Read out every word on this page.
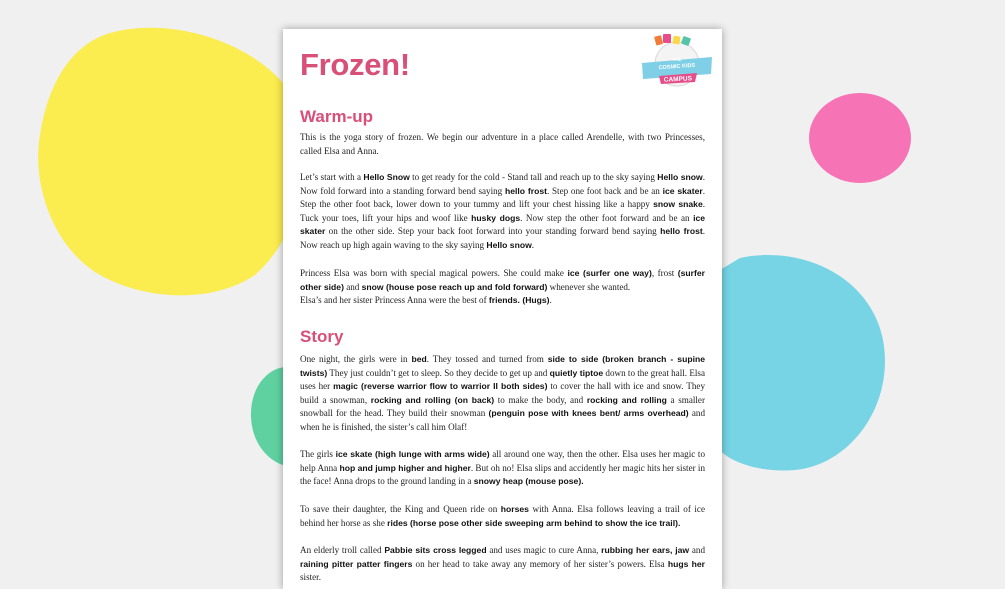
Frozen!	THE
COSMIC KIDS
CAMPUS
Warm-up

This is the yoga story of frozen. We begin our adventure in a place called Arendelle, with two Princesses, called Elsa and Anna.

Let’s start with a Hello Snow to get ready for the cold - Stand tall and reach up to the sky saying Hello snow. Now fold forward into a standing forward bend saying hello frost. Step one foot back and be an ice skater. Step the other foot back, lower down to your tummy and lift your chest hissing like a happy snow snake. Tuck your toes, lift your hips and woof like husky dogs. Now step the other foot forward and be an ice skater on the other side. Step your back foot forward into your standing forward bend saying hello frost. Now reach up high again waving to the sky saying Hello snow.

Princess Elsa was born with special magical powers. She could make ice (surfer one way), frost (surfer other side) and snow (house pose reach up and fold forward) whenever she wanted.
Elsa’s and her sister Princess Anna were the best of friends. (Hugs).

Story

One night, the girls were in bed. They tossed and turned from side to side (broken branch - supine twists) They just couldn’t get to sleep. So they decide to get up and quietly tiptoe down to the great hall. Elsa uses her magic (reverse warrior flow to warrior II both sides) to cover the hall with ice and snow. They build a snowman, rocking and rolling (on back) to make the body, and rocking and rolling a smaller snowball for the head. They build their snowman (penguin pose with knees bent/ arms overhead) and when he is finished, the sister’s call him Olaf!

The girls ice skate (high lunge with arms wide) all around one way, then the other. Elsa uses her magic to help Anna hop and jump higher and higher. But oh no! Elsa slips and accidently her magic hits her sister in the face! Anna drops to the ground landing in a snowy heap (mouse pose).

To save their daughter, the King and Queen ride on horses with Anna. Elsa follows leaving a trail of ice behind her horse as she rides (horse pose other side sweeping arm behind to show the ice trail).

An elderly troll called Pabbie sits cross legged and uses magic to cure Anna, rubbing her ears, jaw and raining pitter patter fingers on her head to take away any memory of her sister’s powers. Elsa hugs her sister.
